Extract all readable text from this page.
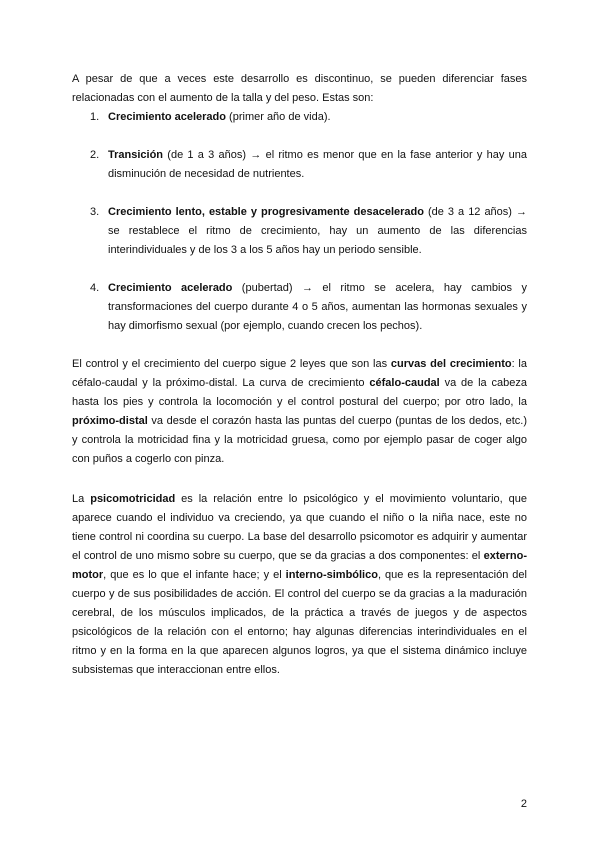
A pesar de que a veces este desarrollo es discontinuo, se pueden diferenciar fases relacionadas con el aumento de la talla y del peso. Estas son:

1. Crecimiento acelerado (primer año de vida).
2. Transición (de 1 a 3 años) → el ritmo es menor que en la fase anterior y hay una disminución de necesidad de nutrientes.
3. Crecimiento lento, estable y progresivamente desacelerado (de 3 a 12 años) → se restablece el ritmo de crecimiento, hay un aumento de las diferencias interindividuales y de los 3 a los 5 años hay un periodo sensible.
4. Crecimiento acelerado (pubertad) → el ritmo se acelera, hay cambios y transformaciones del cuerpo durante 4 o 5 años, aumentan las hormonas sexuales y hay dimorfismo sexual (por ejemplo, cuando crecen los pechos).

El control y el crecimiento del cuerpo sigue 2 leyes que son las curvas del crecimiento: la céfalo-caudal y la próximo-distal. La curva de crecimiento céfalo-caudal va de la cabeza hasta los pies y controla la locomoción y el control postural del cuerpo; por otro lado, la próximo-distal va desde el corazón hasta las puntas del cuerpo (puntas de los dedos, etc.) y controla la motricidad fina y la motricidad gruesa, como por ejemplo pasar de coger algo con puños a cogerlo con pinza.

La psicomotricidad es la relación entre lo psicológico y el movimiento voluntario, que aparece cuando el individuo va creciendo, ya que cuando el niño o la niña nace, este no tiene control ni coordina su cuerpo. La base del desarrollo psicomotor es adquirir y aumentar el control de uno mismo sobre su cuerpo, que se da gracias a dos componentes: el externo-motor, que es lo que el infante hace; y el interno-simbólico, que es la representación del cuerpo y de sus posibilidades de acción. El control del cuerpo se da gracias a la maduración cerebral, de los músculos implicados, de la práctica a través de juegos y de aspectos psicológicos de la relación con el entorno; hay algunas diferencias interindividuales en el ritmo y en la forma en la que aparecen algunos logros, ya que el sistema dinámico incluye subsistemas que interaccionan entre ellos.

2
